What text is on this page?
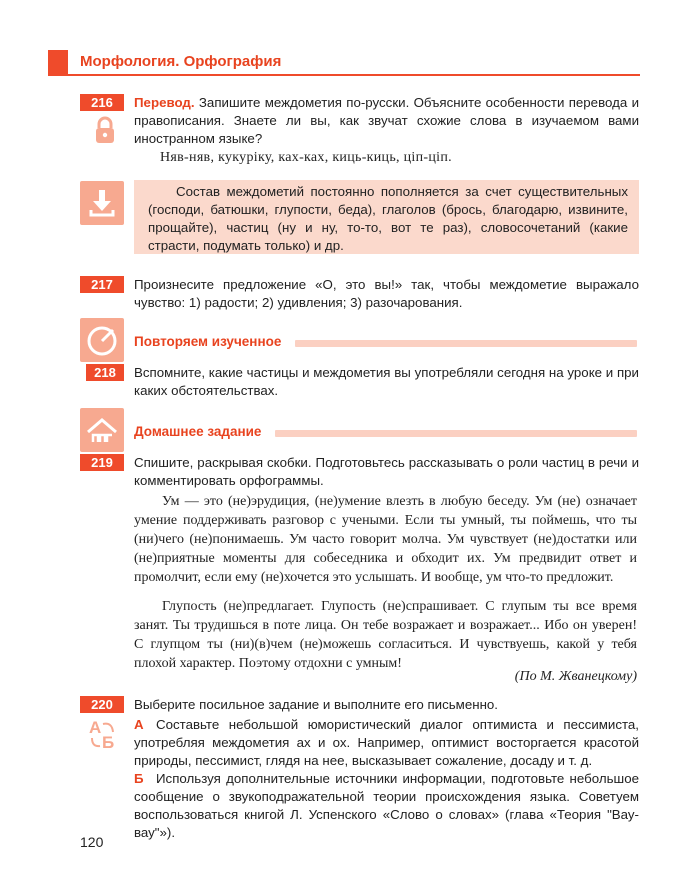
Морфология. Орфография
216	Перевод. Запишите междометия по-русски. Объясните особенности перевода и правописания. Знаете ли вы, как звучат схожие слова в изучаемом вами иностранном языке?
Няв-няв, кукуріку, ках-ках, киць-киць, ціп-ціп.
Состав междометий постоянно пополняется за счет существительных (господи, батюшки, глупости, беда), глаголов (брось, благодарю, извините, прощайте), частиц (ну и ну, то-то, вот те раз), словосочетаний (какие страсти, подумать только) и др.
217	Произнесите предложение «О, это вы!» так, чтобы междометие выражало чувство: 1) радости; 2) удивления; 3) разочарования.
Повторяем изученное
218	Вспомните, какие частицы и междометия вы употребляли сегодня на уроке и при каких обстоятельствах.
Домашнее задание
219	Спишите, раскрывая скобки. Подготовьтесь рассказывать о роли частиц в речи и комментировать орфограммы.
Ум — это (не)эрудиция, (не)умение влезть в любую беседу. Ум (не) означает умение поддерживать разговор с учеными. Если ты умный, ты поймешь, что ты (ни)чего (не)понимаешь. Ум часто говорит молча. Ум чувствует (не)достатки или (не)приятные моменты для собеседника и обходит их. Ум предвидит ответ и промолчит, если ему (не)хочется это услышать. И вообще, ум что-то предложит.
Глупость (не)предлагает. Глупость (не)спрашивает. С глупым ты все время занят. Ты трудишься в поте лица. Он тебе возражает и возражает... Ибо он уверен! С глупцом ты (ни)(в)чем (не)можешь согласиться. И чувствуешь, какой у тебя плохой характер. Поэтому отдохни с умным!
(По М. Жванецкому)
220	Выберите посильное задание и выполните его письменно.
A
Б
А Составьте небольшой юмористический диалог оптимиста и пессимиста, употребляя междометия ах и ох. Например, оптимист восторгается красотой природы, пессимист, глядя на нее, высказывает сожаление, досаду и т. д.
Б Используя дополнительные источники информации, подготовьте небольшое сообщение о звукоподражательной теории происхождения языка. Советуем воспользоваться книгой Л. Успенского «Слово о словах» (глава «Теория "Вау-вау"»).
120
